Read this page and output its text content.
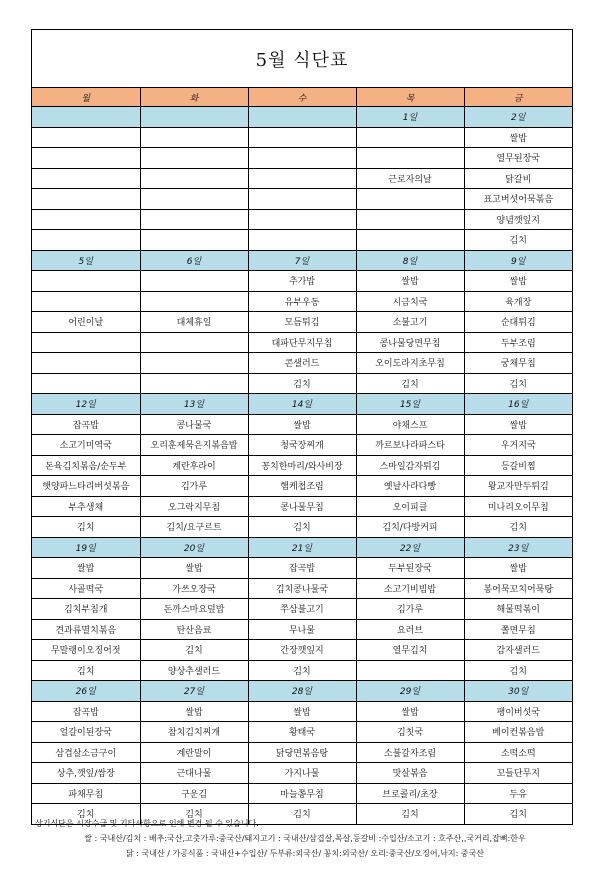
5월 식단표
월	화	수	목	금
			1일	2일
				쌀밥
				열무된장국
			근로자의날	닭갈비
				표고버섯어묵볶음
				양념깻잎지
				김치
5일	6일	7일	8일	9일
		추가밥	쌀밥	쌀밥
		유부우동	시금치국	육개장
어린이날	대체휴일	모듬튀김	소불고기	순대튀김
		대파단무지무침	콩나물당면무침	두부조림
		콘샐러드	오이도라지초무침	궁채무침
		김치	김치	김치
12일	13일	14일	15일	16일
잡곡밥	콩나물국	쌀밥	야채스프	쌀밥
소고기미역국	오리훈제묵은지볶음밥	청국장찌개	까르보나라파스타	우거지국
돈육김치볶음/순두부	계란후라이	꽁치한마리/와사비장	스마일감자튀김	등갈비찜
햇양파느타리버섯볶음	김가루	햄케첩조림	옛날사라다빵	왕교자만두튀김
부추생채	오그락지무침	콩나물무침	오이피클	미나리오이무침
김치	김치/요구르트	김치	김치/다방커피	김치
19일	20일	21일	22일	23일
쌀밥	쌀밥	잡곡밥	두부된장국	쌀밥
사골떡국	가쓰오장국	김치콩나물국	소고기비빔밥	봉어묵꼬치어묵탕
김치부침개	돈까스마요덮밥	쭈삼불고기	김가루	해물떡볶이
견과류멸치볶음	탄산음료	무나물	요러브	쫄면무침
무말랭이오징어젓	김치	간장깻잎지	열무김치	감자샐러드
김치	양상추샐러드	김치		김치
26일	27일	28일	29일	30일
잡곡밥	쌀밥	쌀밥	쌀밥	팽이버섯국
얼갈이된장국	참치김치찌개	황태국	김칫국	베이컨볶음밥
삼겹살소금구이	계란말이	닭당면볶음탕	소불갈자조림	소떡소떡
상추,깻잎/쌈장	근대나물	가지나물	맛살볶음	꼬들단무지
파채무침	구운김	마늘쫑무침	브로콜리/초장	두유
김치	김치	김치	김치	김치
상기식단은 시장수급 및 기타사항으로 인해 변경 될 수 있습니다.
쌀 : 국내산/김치 : 배추:국산,고춧가루:중국산/돼지고기 : 국내산/삼겹살,목살,등갈비 :수입산/소고기 : 호주산,,국거리,잡뼈:한우
닭 : 국내산 / 가공식품 : 국내산+수입산/ 두부류:외국산/ 꽁치:외국산/ 오리:중국산/오징어,낙지: 중국산
